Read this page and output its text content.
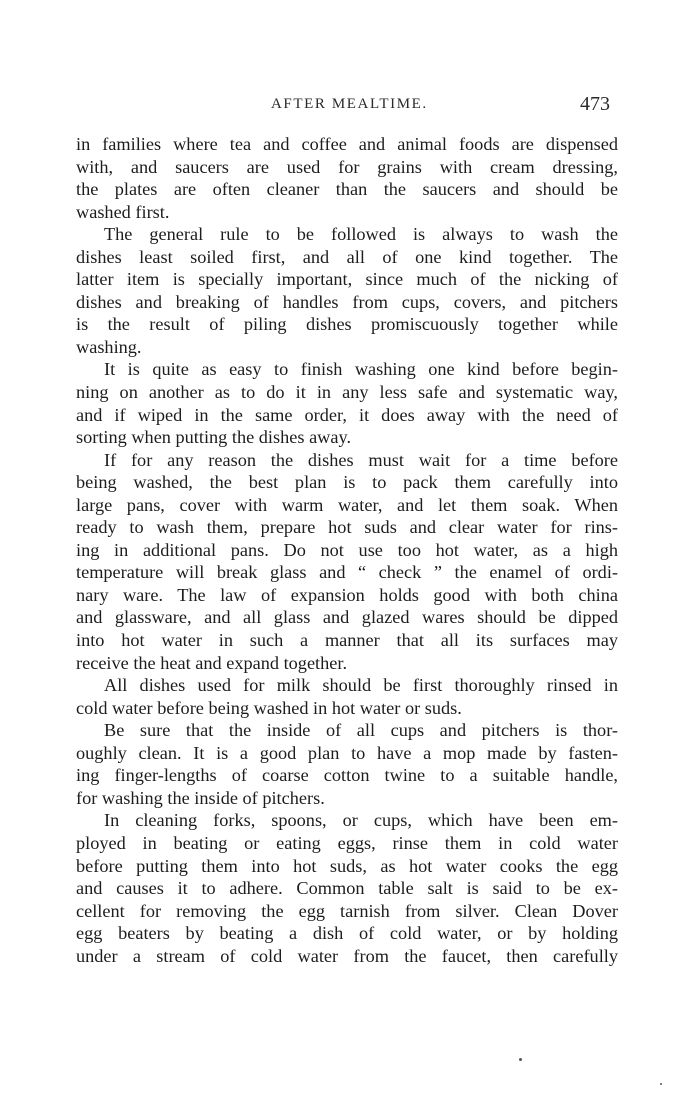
AFTER MEALTIME.	473
in families where tea and coffee and animal foods are dispensed
with, and saucers are used for grains with cream dressing,
the plates are often cleaner than the saucers and should be
washed first.
The general rule to be followed is always to wash the
dishes least soiled first, and all of one kind together. The
latter item is specially important, since much of the nicking of
dishes and breaking of handles from cups, covers, and pitchers
is the result of piling dishes promiscuously together while
washing.
It is quite as easy to finish washing one kind before begin-
ning on another as to do it in any less safe and systematic way,
and if wiped in the same order, it does away with the need of
sorting when putting the dishes away.
If for any reason the dishes must wait for a time before
being washed, the best plan is to pack them carefully into
large pans, cover with warm water, and let them soak. When
ready to wash them, prepare hot suds and clear water for rins-
ing in additional pans. Do not use too hot water, as a high
temperature will break glass and “ check ” the enamel of ordi-
nary ware. The law of expansion holds good with both china
and glassware, and all glass and glazed wares should be dipped
into hot water in such a manner that all its surfaces may
receive the heat and expand together.
All dishes used for milk should be first thoroughly rinsed in
cold water before being washed in hot water or suds.
Be sure that the inside of all cups and pitchers is thor-
oughly clean. It is a good plan to have a mop made by fasten-
ing finger-lengths of coarse cotton twine to a suitable handle,
for washing the inside of pitchers.
In cleaning forks, spoons, or cups, which have been em-
ployed in beating or eating eggs, rinse them in cold water
before putting them into hot suds, as hot water cooks the egg
and causes it to adhere. Common table salt is said to be ex-
cellent for removing the egg tarnish from silver. Clean Dover
egg beaters by beating a dish of cold water, or by holding
under a stream of cold water from the faucet, then carefully
